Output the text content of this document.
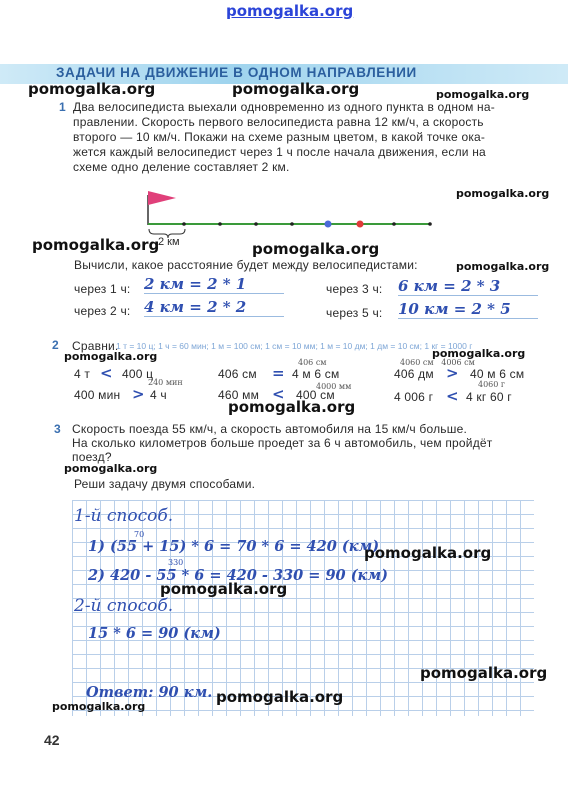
pomogalka.org
ЗАДАЧИ НА ДВИЖЕНИЕ В ОДНОМ НАПРАВЛЕНИИ
pomogalka.org	pomogalka.org	pomogalka.org
1 Два велосипедиста выехали одновременно из одного пункта в одном на-
правлении. Скорость первого велосипедиста равна 12 км/ч, а скорость
второго — 10 км/ч. Покажи на схеме разным цветом, в какой точке ока-
жется каждый велосипедист через 1 ч после начала движения, если на
схеме одно деление составляет 2 км.
pomogalka.org
2 км
pomogalka.org	pomogalka.org
pomogalka.org
Вычисли, какое расстояние будет между велосипедистами:
через 1 ч: 2 км = 2 * 1	через 3 ч: 6 км = 2 * 3
через 2 ч: 4 км = 2 * 2	через 5 ч: 10 км = 2 * 5
2 Сравни.
1 т = 10 ц; 1 ч = 60 мин; 1 м = 100 см; 1 см = 10 мм; 1 м = 10 дм; 1 дм = 10 см; 1 кг = 1000 г
pomogalka.org	pomogalka.org
406 см	4060 см   4006 см
4 т < 400 ц	406 см = 4 м 6 см	406 дм > 40 м 6 см
240 мин	4000 мм	4060 г
400 мин > 4 ч	460 мм < 400 см	4 006 г < 4 кг 60 г
pomogalka.org
3 Скорость поезда 55 км/ч, а скорость автомобиля на 15 км/ч больше.
На сколько километров больше проедет за 6 ч автомобиль, чем пройдёт
поезд?
pomogalka.org
Реши задачу двумя способами.
1-й способ.
70
1) (55 + 15) * 6 = 70 * 6 = 420 (км)
330
2) 420 - 55 * 6 = 420 - 330 = 90 (км)
2-й способ.
15 * 6 = 90 (км)
Ответ: 90 км.
pomogalka.org
pomogalka.org
pomogalka.org
pomogalka.org
pomogalka.org
42
